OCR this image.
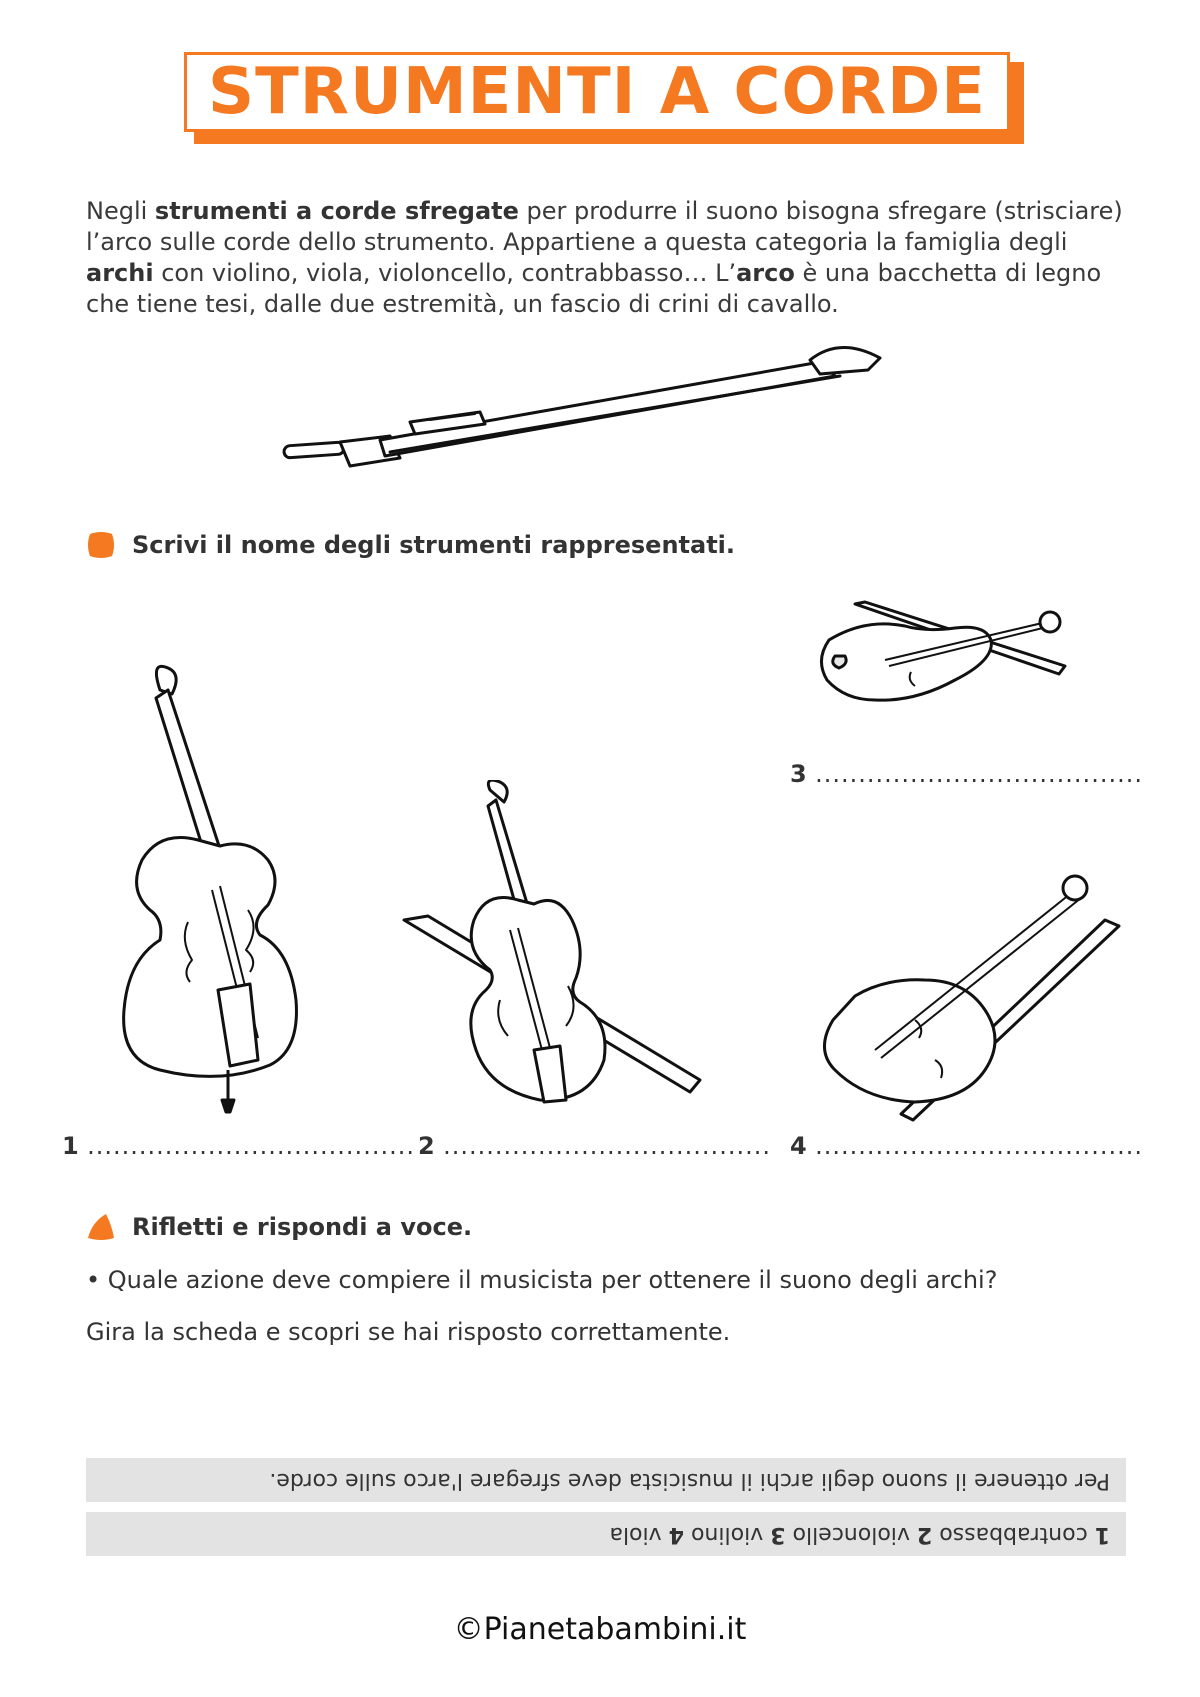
STRUMENTI A CORDE
Negli strumenti a corde sfregate per produrre il suono bisogna sfregare (strisciare) l’arco sulle corde dello strumento. Appartiene a questa categoria la famiglia degli archi con violino, viola, violoncello, contrabbasso… L’arco è una bacchetta di legno che tiene tesi, dalle due estremità, un fascio di crini di cavallo.
Scrivi il nome degli strumenti rappresentati.
1 ...................................... 2 ......................................
3 ......................................
4 ......................................
Rifletti e rispondi a voce.
• Quale azione deve compiere il musicista per ottenere il suono degli archi?
Gira la scheda e scopri se hai risposto correttamente.
Per ottenere il suono degli archi il musicista deve sfregare l'arco sulle corde.
1 contrabbasso 2 violoncello 3 violino 4 viola
©Pianetabambini.it
